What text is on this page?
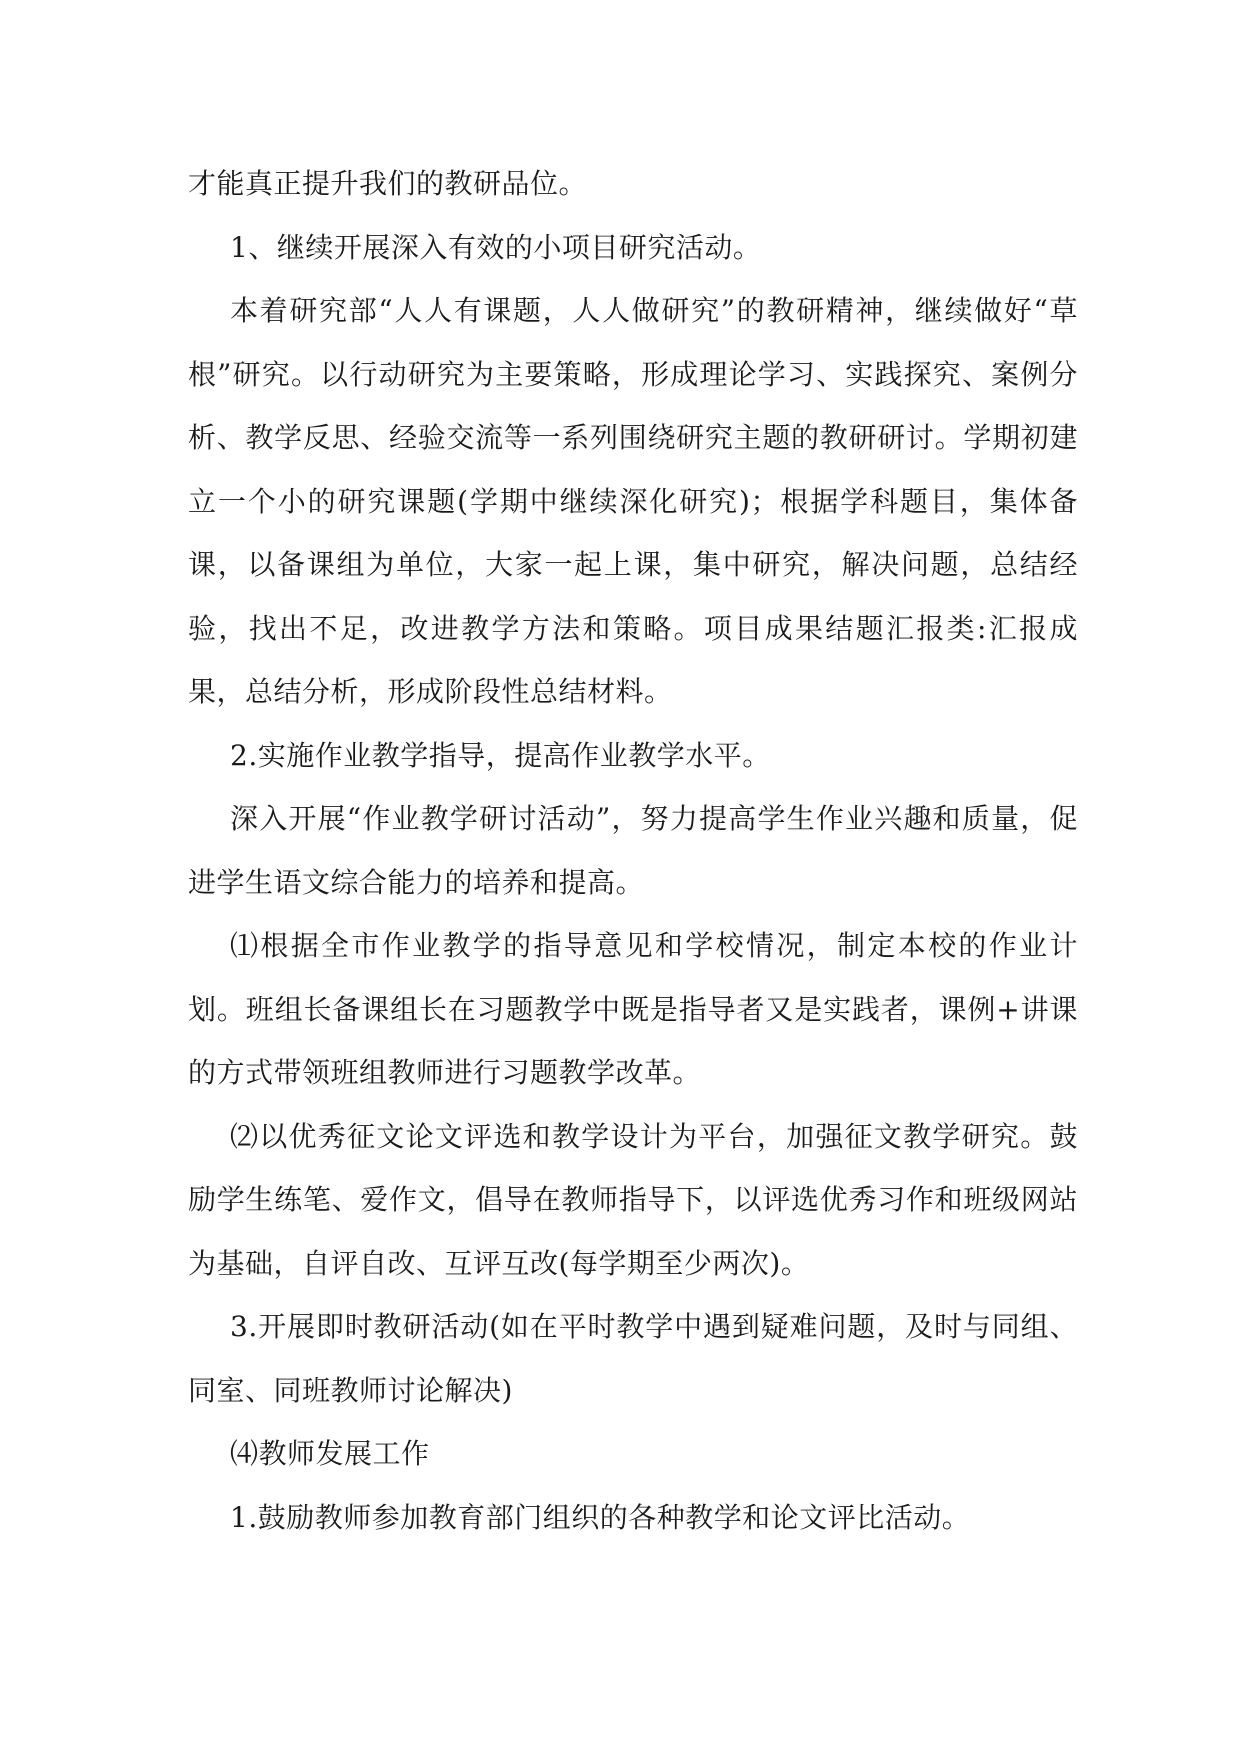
才能真正提升我们的教研品位。

1、继续开展深入有效的小项目研究活动。

本着研究部“人人有课题，人人做研究”的教研精神，继续做好“草根”研究。以行动研究为主要策略，形成理论学习、实践探究、案例分析、教学反思、经验交流等一系列围绕研究主题的教研研讨。学期初建立一个小的研究课题(学期中继续深化研究)；根据学科题目，集体备课，以备课组为单位，大家一起上课，集中研究，解决问题，总结经验，找出不足，改进教学方法和策略。项目成果结题汇报类:汇报成果，总结分析，形成阶段性总结材料。

2.实施作业教学指导，提高作业教学水平。

深入开展“作业教学研讨活动”，努力提高学生作业兴趣和质量，促进学生语文综合能力的培养和提高。

⑴根据全市作业教学的指导意见和学校情况，制定本校的作业计划。班组长备课组长在习题教学中既是指导者又是实践者，课例+讲课的方式带领班组教师进行习题教学改革。

⑵以优秀征文论文评选和教学设计为平台，加强征文教学研究。鼓励学生练笔、爱作文，倡导在教师指导下，以评选优秀习作和班级网站为基础，自评自改、互评互改(每学期至少两次)。

3.开展即时教研活动(如在平时教学中遇到疑难问题，及时与同组、同室、同班教师讨论解决)

⑷教师发展工作

1.鼓励教师参加教育部门组织的各种教学和论文评比活动。
